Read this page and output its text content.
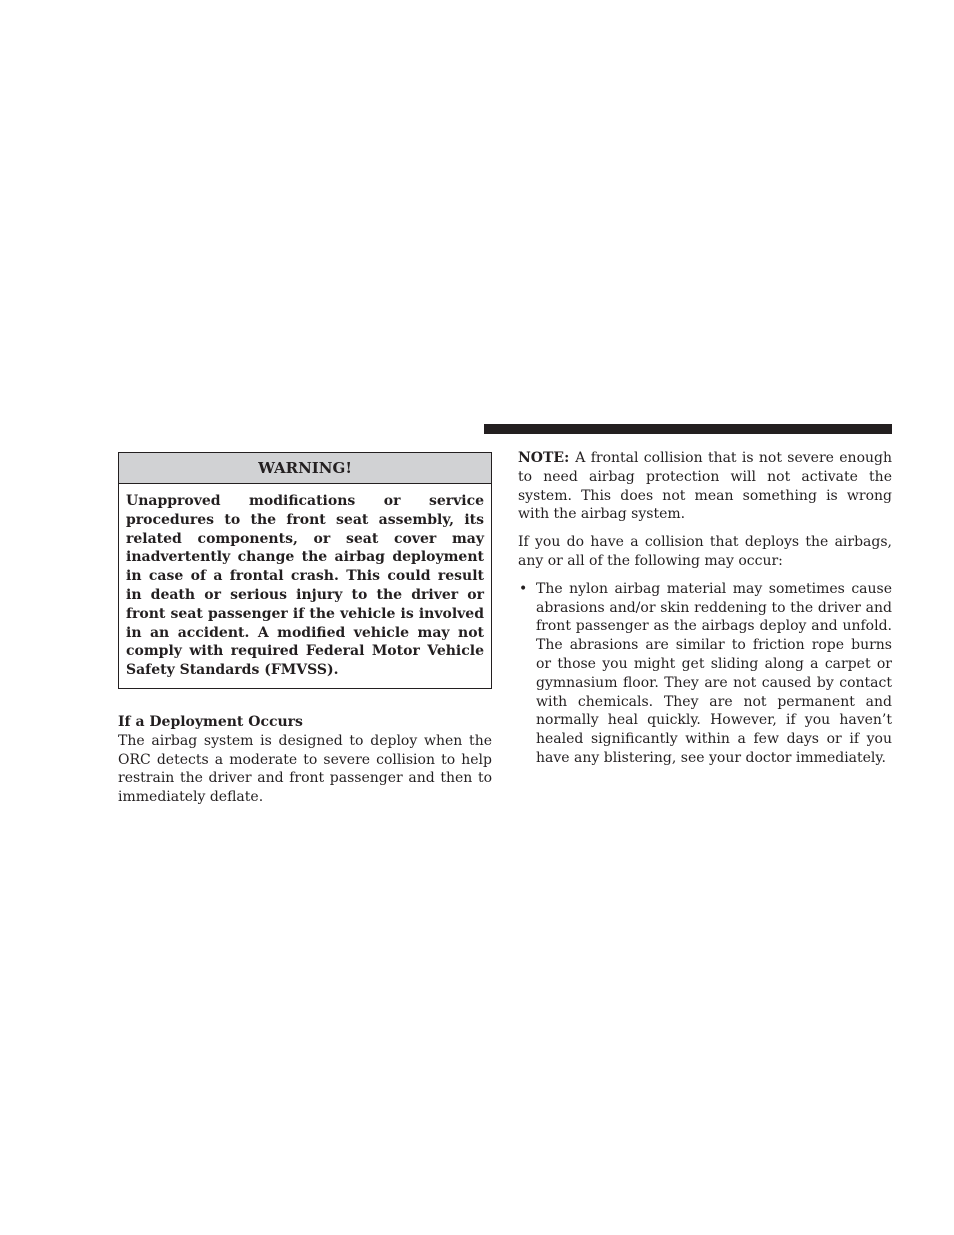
WARNING!
Unapproved modifications or service procedures to the front seat assembly, its related components, or seat cover may inadvertently change the airbag deployment in case of a frontal crash. This could result in death or serious injury to the driver or front seat passenger if the vehicle is involved in an accident. A modified vehicle may not comply with required Federal Motor Vehicle Safety Standards (FMVSS).
If a Deployment Occurs

The airbag system is designed to deploy when the ORC detects a moderate to severe collision to help restrain the driver and front passenger and then to immediately deflate.

NOTE: A frontal collision that is not severe enough to need airbag protection will not activate the system. This does not mean something is wrong with the airbag system.

If you do have a collision that deploys the airbags, any or all of the following may occur:

• The nylon airbag material may sometimes cause abrasions and/or skin reddening to the driver and front passenger as the airbags deploy and unfold. The abrasions are similar to friction rope burns or those you might get sliding along a carpet or gymnasium floor. They are not caused by contact with chemicals. They are not permanent and normally heal quickly. However, if you haven’t healed significantly within a few days or if you have any blistering, see your doctor immediately.
